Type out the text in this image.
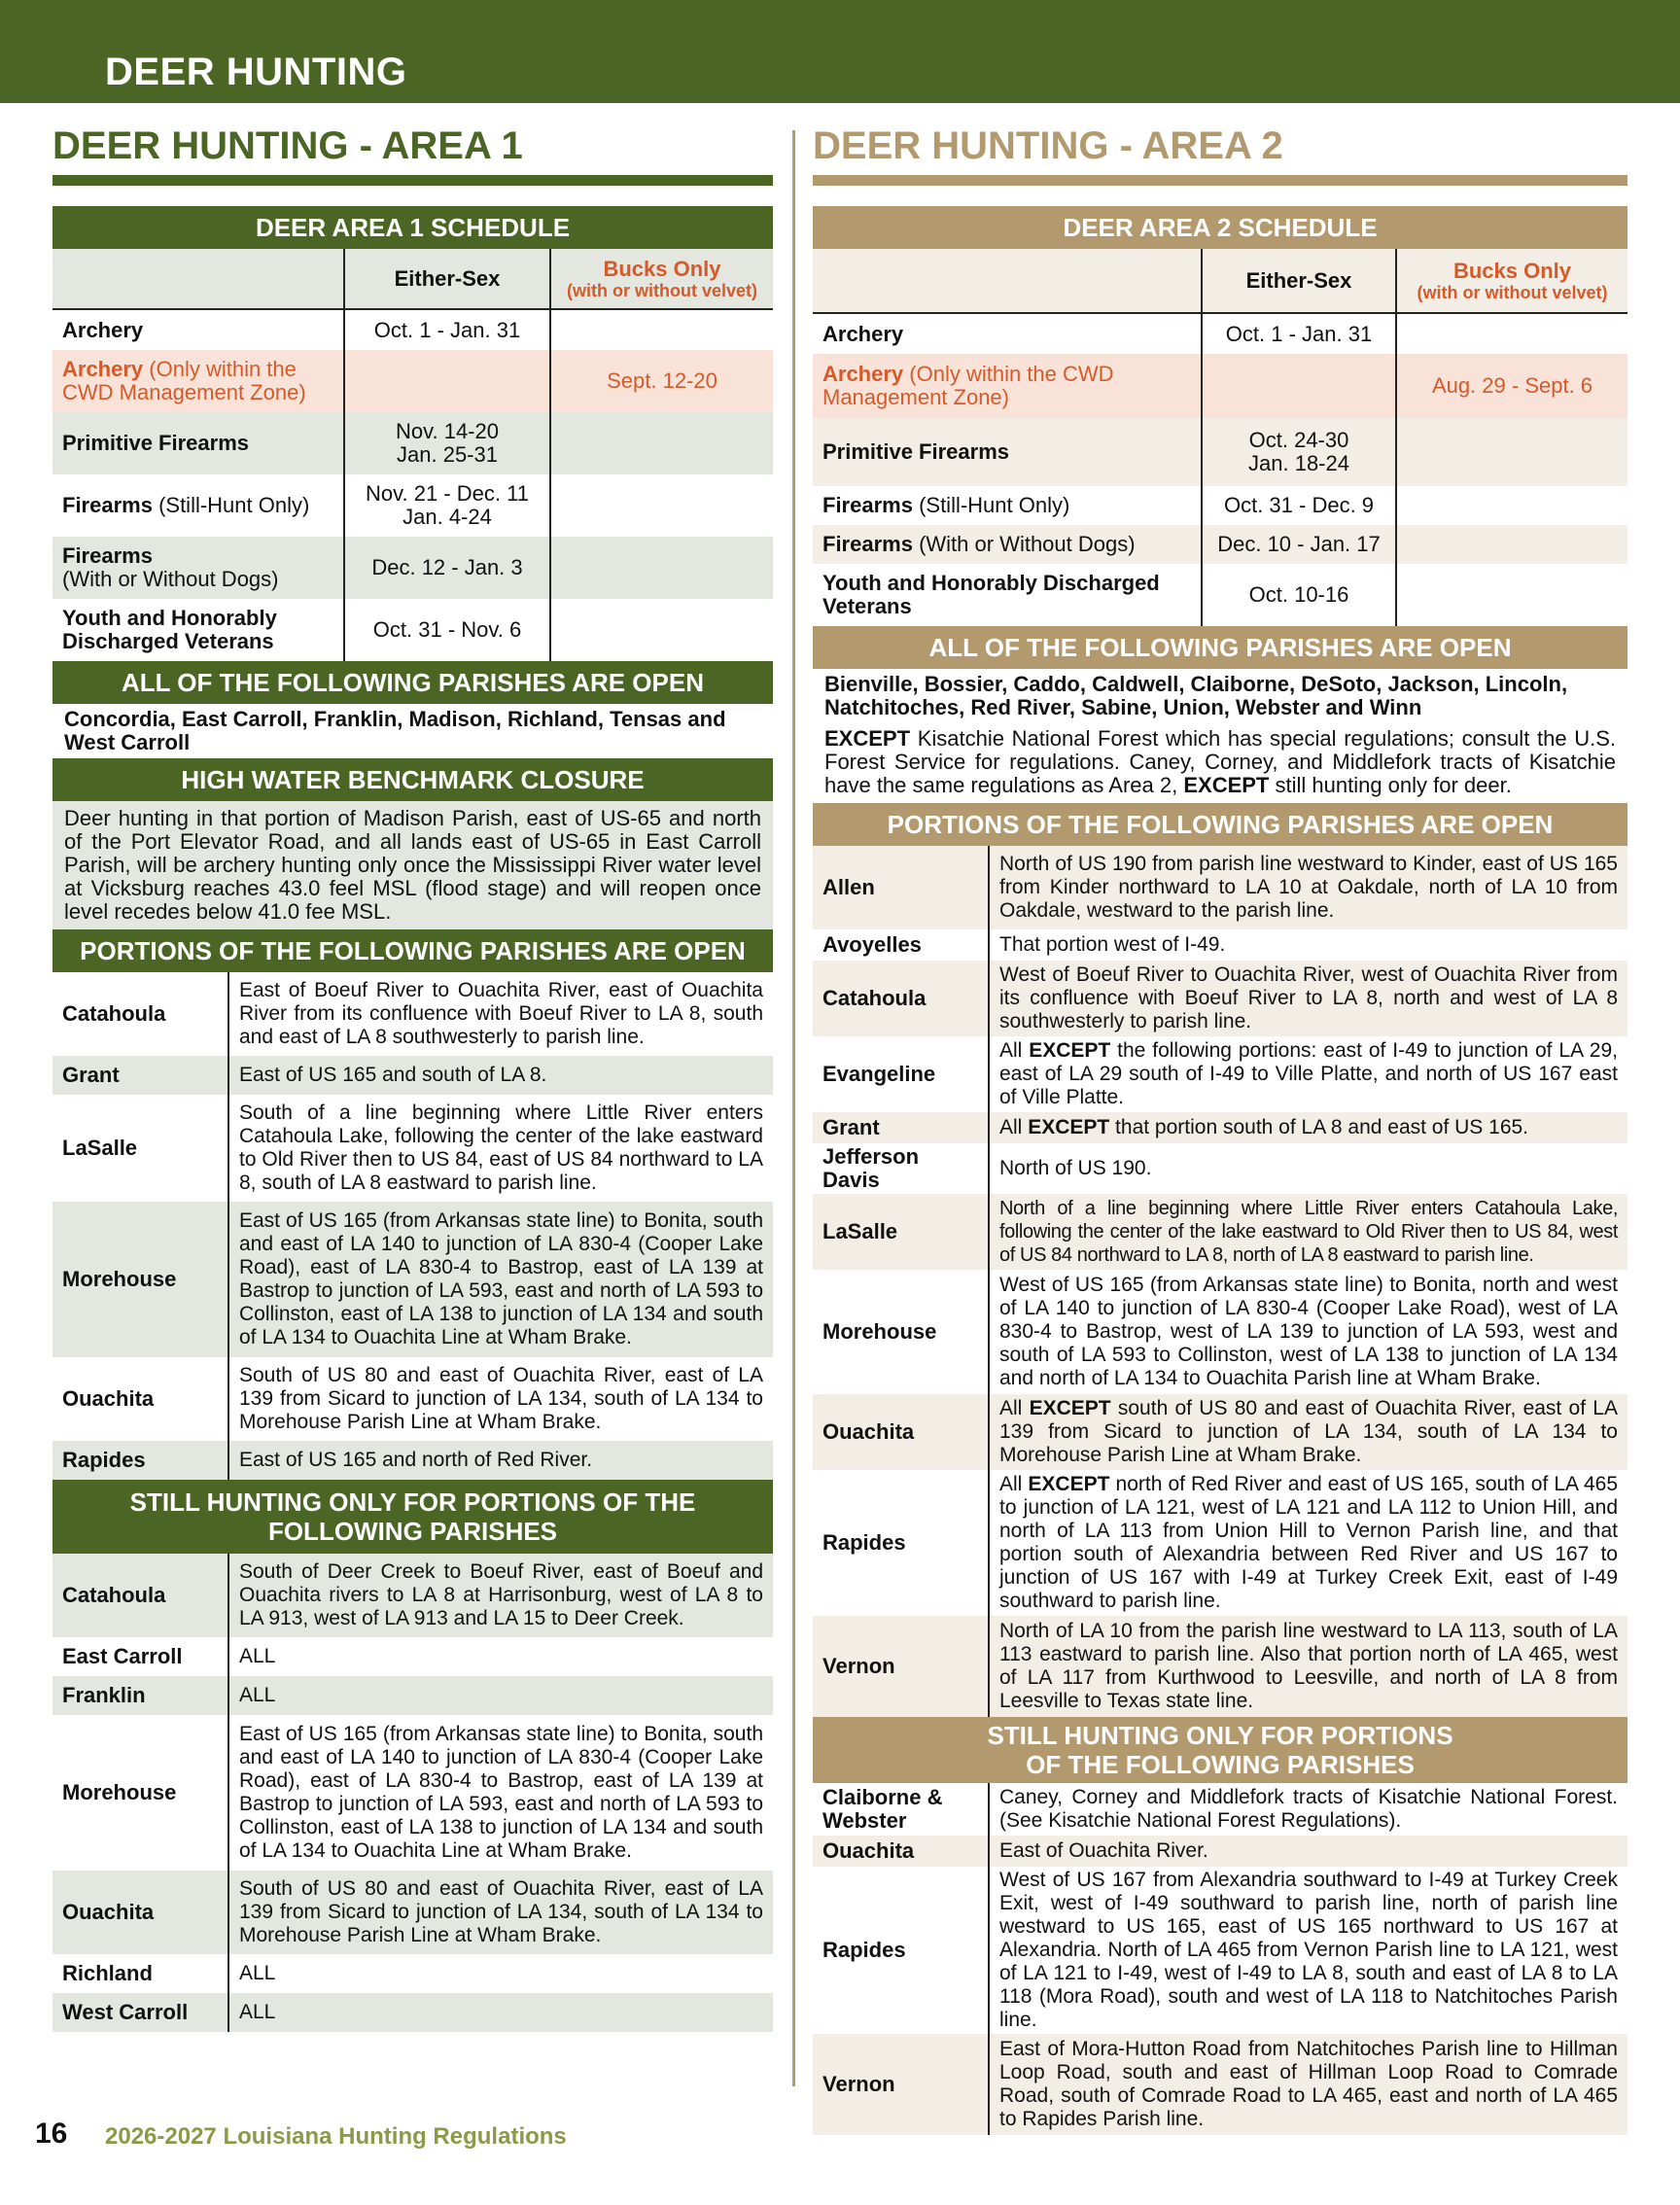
DEER HUNTING
DEER HUNTING - AREA 1	DEER HUNTING - AREA 2
DEER AREA 1 SCHEDULE
	Either-Sex	Bucks Only
(with or without velvet)

Archery	Oct. 1 - Jan. 31	
Archery (Only within the CWD Management Zone)		Sept. 12-20
Primitive Firearms	Nov. 14-20
Jan. 25-31	
Firearms (Still-Hunt Only)	Nov. 21 - Dec. 11
Jan. 4-24	
Firearms
(With or Without Dogs)	Dec. 12 - Jan. 3	
Youth and Honorably Discharged Veterans	Oct. 31 - Nov. 6	
ALL OF THE FOLLOWING PARISHES ARE OPEN
Concordia, East Carroll, Franklin, Madison, Richland, Tensas and West Carroll
HIGH WATER BENCHMARK CLOSURE
Deer hunting in that portion of Madison Parish, east of US-65 and north of the Port Elevator Road, and all lands east of US-65 in East Carroll Parish, will be archery hunting only once the Mississippi River water level at Vicksburg reaches 43.0 feel MSL (flood stage) and will reopen once level recedes below 41.0 fee MSL.
PORTIONS OF THE FOLLOWING PARISHES ARE OPEN
Catahoula	East of Boeuf River to Ouachita River, east of Ouachita River from its confluence with Boeuf River to LA 8, south and east of LA 8 southwesterly to parish line.
Grant	East of US 165 and south of LA 8.
LaSalle	South of a line beginning where Little River enters Catahoula Lake, following the center of the lake eastward to Old River then to US 84, east of US 84 northward to LA 8, south of LA 8 eastward to parish line.
Morehouse	East of US 165 (from Arkansas state line) to Bonita, south and east of LA 140 to junction of LA 830-4 (Cooper Lake Road), east of LA 830-4 to Bastrop, east of LA 139 at Bastrop to junction of LA 593, east and north of LA 593 to Collinston, east of LA 138 to junction of LA 134 and south of LA 134 to Ouachita Line at Wham Brake.
Ouachita	South of US 80 and east of Ouachita River, east of LA 139 from Sicard to junction of LA 134, south of LA 134 to Morehouse Parish Line at Wham Brake.
Rapides	East of US 165 and north of Red River.
STILL HUNTING ONLY FOR PORTIONS OF THE FOLLOWING PARISHES
Catahoula	South of Deer Creek to Boeuf River, east of Boeuf and Ouachita rivers to LA 8 at Harrisonburg, west of LA 8 to LA 913, west of LA 913 and LA 15 to Deer Creek.
East Carroll	ALL
Franklin	ALL
Morehouse	East of US 165 (from Arkansas state line) to Bonita, south and east of LA 140 to junction of LA 830-4 (Cooper Lake Road), east of LA 830-4 to Bastrop, east of LA 139 at Bastrop to junction of LA 593, east and north of LA 593 to Collinston, east of LA 138 to junction of LA 134 and south of LA 134 to Ouachita Line at Wham Brake.
Ouachita	South of US 80 and east of Ouachita River, east of LA 139 from Sicard to junction of LA 134, south of LA 134 to Morehouse Parish Line at Wham Brake.
Richland	ALL
West Carroll	ALL
DEER AREA 2 SCHEDULE
	Either-Sex	Bucks Only
(with or without velvet)

Archery	Oct. 1 - Jan. 31	
Archery (Only within the CWD Management Zone)		Aug. 29 - Sept. 6
Primitive Firearms	Oct. 24-30
Jan. 18-24	
Firearms (Still-Hunt Only)	Oct. 31 - Dec. 9	
Firearms (With or Without Dogs)	Dec. 10 - Jan. 17	
Youth and Honorably Discharged Veterans	Oct. 10-16	
ALL OF THE FOLLOWING PARISHES ARE OPEN
Bienville, Bossier, Caddo, Caldwell, Claiborne, DeSoto, Jackson, Lincoln, Natchitoches, Red River, Sabine, Union, Webster and Winn
EXCEPT Kisatchie National Forest which has special regulations; consult the U.S. Forest Service for regulations. Caney, Corney, and Middlefork tracts of Kisatchie have the same regulations as Area 2, EXCEPT still hunting only for deer.
PORTIONS OF THE FOLLOWING PARISHES ARE OPEN
Allen	North of US 190 from parish line westward to Kinder, east of US 165 from Kinder northward to LA 10 at Oakdale, north of LA 10 from Oakdale, westward to the parish line.
Avoyelles	That portion west of I-49.
Catahoula	West of Boeuf River to Ouachita River, west of Ouachita River from its confluence with Boeuf River to LA 8, north and west of LA 8 southwesterly to parish line.
Evangeline	All EXCEPT the following portions: east of I-49 to junction of LA 29, east of LA 29 south of I-49 to Ville Platte, and north of US 167 east of Ville Platte.
Grant	All EXCEPT that portion south of LA 8 and east of US 165.
Jefferson Davis	North of US 190.
LaSalle	North of a line beginning where Little River enters Catahoula Lake, following the center of the lake eastward to Old River then to US 84, west of US 84 northward to LA 8, north of LA 8 eastward to parish line.
Morehouse	West of US 165 (from Arkansas state line) to Bonita, north and west of LA 140 to junction of LA 830-4 (Cooper Lake Road), west of LA 830-4 to Bastrop, west of LA 139 to junction of LA 593, west and south of LA 593 to Collinston, west of LA 138 to junction of LA 134 and north of LA 134 to Ouachita Parish line at Wham Brake.
Ouachita	All EXCEPT south of US 80 and east of Ouachita River, east of LA 139 from Sicard to junction of LA 134, south of LA 134 to Morehouse Parish Line at Wham Brake.
Rapides	All EXCEPT north of Red River and east of US 165, south of LA 465 to junction of LA 121, west of LA 121 and LA 112 to Union Hill, and north of LA 113 from Union Hill to Vernon Parish line, and that portion south of Alexandria between Red River and US 167 to junction of US 167 with I-49 at Turkey Creek Exit, east of I-49 southward to parish line.
Vernon	North of LA 10 from the parish line westward to LA 113, south of LA 113 eastward to parish line. Also that portion north of LA 465, west of LA 117 from Kurthwood to Leesville, and north of LA 8 from Leesville to Texas state line.
STILL HUNTING ONLY FOR PORTIONS
OF THE FOLLOWING PARISHES
Claiborne & Webster	Caney, Corney and Middlefork tracts of Kisatchie National Forest. (See Kisatchie National Forest Regulations).
Ouachita	East of Ouachita River.
Rapides	West of US 167 from Alexandria southward to I-49 at Turkey Creek Exit, west of I-49 southward to parish line, north of parish line westward to US 165, east of US 165 northward to US 167 at Alexandria. North of LA 465 from Vernon Parish line to LA 121, west of LA 121 to I-49, west of I-49 to LA 8, south and east of LA 8 to LA 118 (Mora Road), south and west of LA 118 to Natchitoches Parish line.
Vernon	East of Mora-Hutton Road from Natchitoches Parish line to Hillman Loop Road, south and east of Hillman Loop Road to Comrade Road, south of Comrade Road to LA 465, east and north of LA 465 to Rapides Parish line.
16 2026-2027 Louisiana Hunting Regulations
